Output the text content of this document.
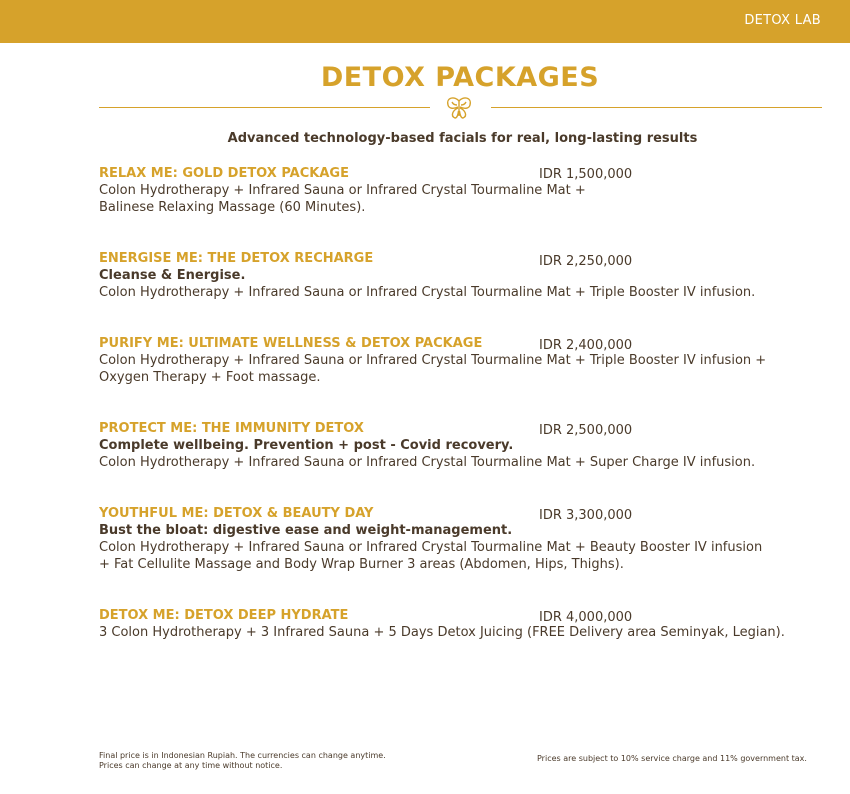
DETOX LAB
DETOX PACKAGES
Advanced technology-based facials for real, long-lasting results
RELAX ME: GOLD DETOX PACKAGE	IDR 1,500,000
Colon Hydrotherapy + Infrared Sauna or Infrared Crystal Tourmaline Mat +
Balinese Relaxing Massage (60 Minutes).
ENERGISE ME: THE DETOX RECHARGE	IDR 2,250,000
Cleanse & Energise.
Colon Hydrotherapy + Infrared Sauna or Infrared Crystal Tourmaline Mat + Triple Booster IV infusion.
PURIFY ME: ULTIMATE WELLNESS & DETOX PACKAGE	IDR 2,400,000
Colon Hydrotherapy + Infrared Sauna or Infrared Crystal Tourmaline Mat + Triple Booster IV infusion +
Oxygen Therapy + Foot massage.
PROTECT ME: THE IMMUNITY DETOX	IDR 2,500,000
Complete wellbeing. Prevention + post - Covid recovery.
Colon Hydrotherapy + Infrared Sauna or Infrared Crystal Tourmaline Mat + Super Charge IV infusion.
YOUTHFUL ME: DETOX & BEAUTY DAY	IDR 3,300,000
Bust the bloat: digestive ease and weight-management.
Colon Hydrotherapy + Infrared Sauna or Infrared Crystal Tourmaline Mat + Beauty Booster IV infusion
+ Fat Cellulite Massage and Body Wrap Burner 3 areas (Abdomen, Hips, Thighs).
DETOX ME: DETOX DEEP HYDRATE	IDR 4,000,000
3 Colon Hydrotherapy + 3 Infrared Sauna + 5 Days Detox Juicing (FREE Delivery area Seminyak, Legian).
Final price is in Indonesian Rupiah. The currencies can change anytime.
Prices can change at any time without notice.
Prices are subject to 10% service charge and 11% government tax.
